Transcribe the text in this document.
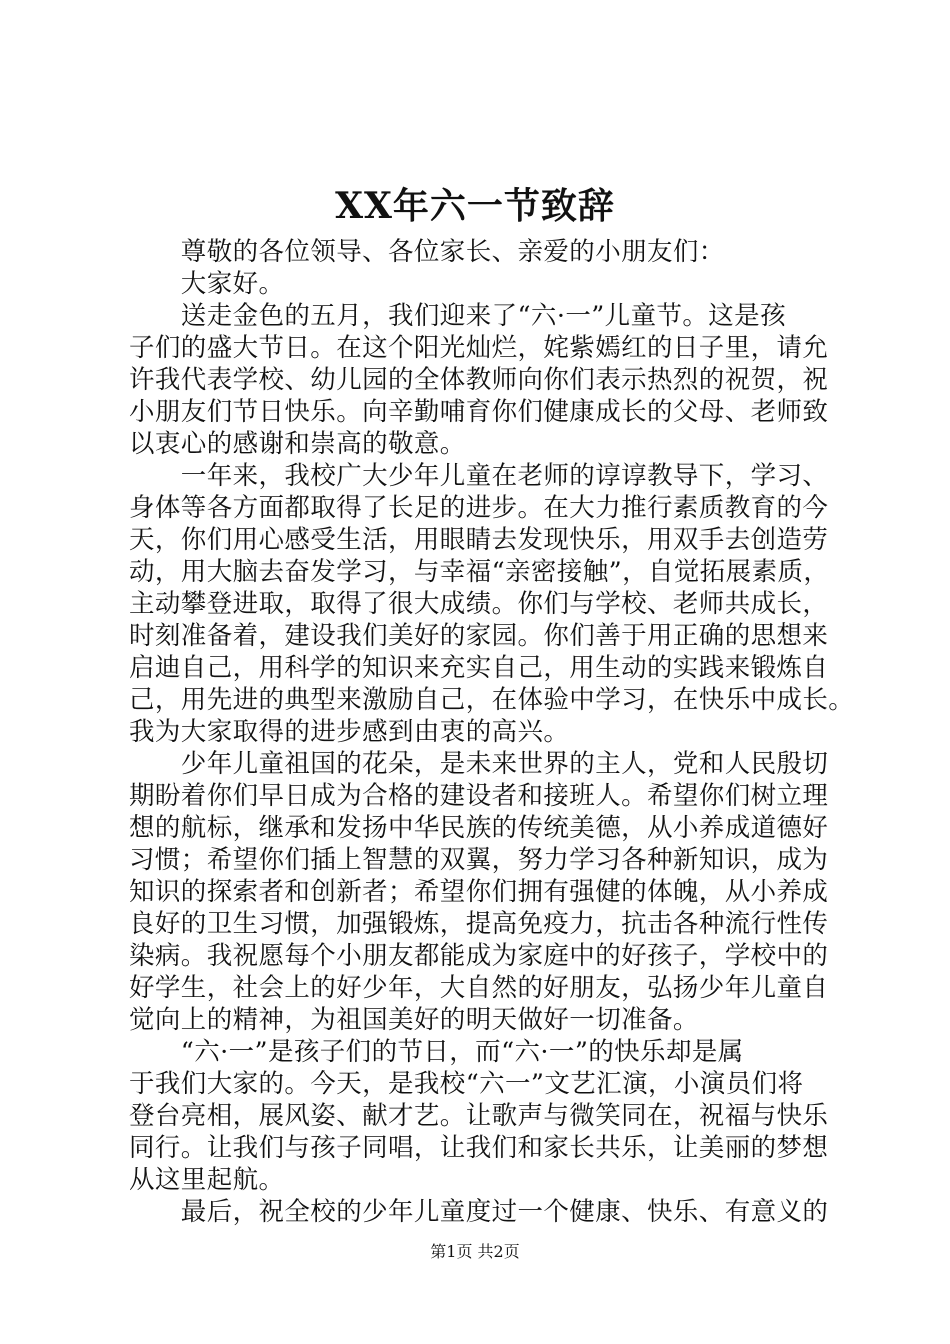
XX年六一节致辞
　　尊敬的各位领导、各位家长、亲爱的小朋友们：
　　大家好。
　　送走金色的五月，我们迎来了“六·一”儿童节。这是孩
子们的盛大节日。在这个阳光灿烂，姹紫嫣红的日子里，请允
许我代表学校、幼儿园的全体教师向你们表示热烈的祝贺，祝
小朋友们节日快乐。向辛勤哺育你们健康成长的父母、老师致
以衷心的感谢和崇高的敬意。
　　一年来，我校广大少年儿童在老师的谆谆教导下，学习、
身体等各方面都取得了长足的进步。在大力推行素质教育的今
天，你们用心感受生活，用眼睛去发现快乐，用双手去创造劳
动，用大脑去奋发学习，与幸福“亲密接触”，自觉拓展素质，
主动攀登进取，取得了很大成绩。你们与学校、老师共成长，
时刻准备着，建设我们美好的家园。你们善于用正确的思想来
启迪自己，用科学的知识来充实自己，用生动的实践来锻炼自
己，用先进的典型来激励自己，在体验中学习，在快乐中成长。
我为大家取得的进步感到由衷的高兴。
　　少年儿童祖国的花朵，是未来世界的主人，党和人民殷切
期盼着你们早日成为合格的建设者和接班人。希望你们树立理
想的航标，继承和发扬中华民族的传统美德，从小养成道德好
习惯；希望你们插上智慧的双翼，努力学习各种新知识，成为
知识的探索者和创新者；希望你们拥有强健的体魄，从小养成
良好的卫生习惯，加强锻炼，提高免疫力，抗击各种流行性传
染病。我祝愿每个小朋友都能成为家庭中的好孩子，学校中的
好学生，社会上的好少年，大自然的好朋友，弘扬少年儿童自
觉向上的精神，为祖国美好的明天做好一切准备。
　　“六·一”是孩子们的节日，而“六·一”的快乐却是属
于我们大家的。今天，是我校“六一”文艺汇演，小演员们将
登台亮相，展风姿、献才艺。让歌声与微笑同在，祝福与快乐
同行。让我们与孩子同唱，让我们和家长共乐，让美丽的梦想
从这里起航。
　　最后，祝全校的少年儿童度过一个健康、快乐、有意义的
第1页 共2页
